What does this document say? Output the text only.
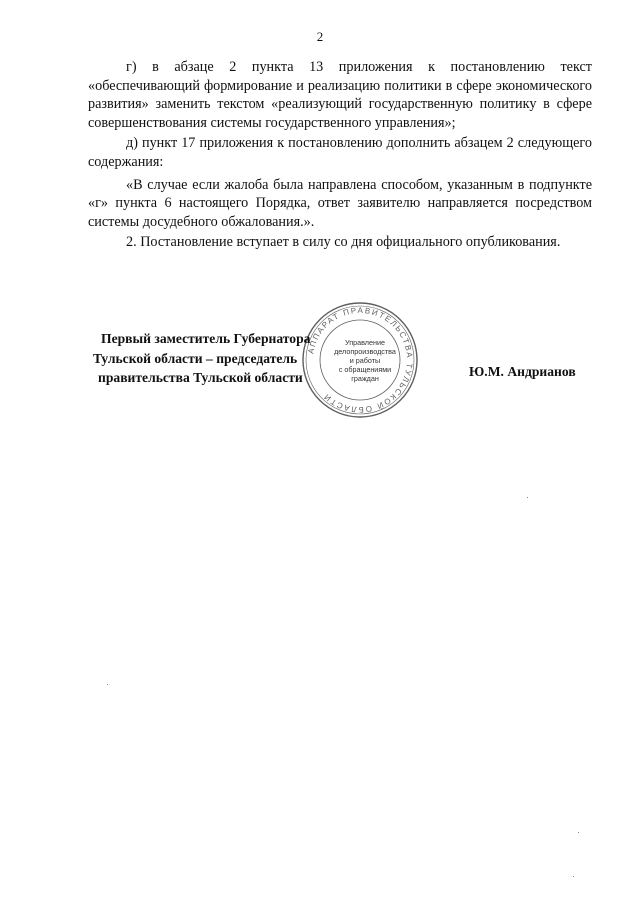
2

г) в абзаце 2 пункта 13 приложения к постановлению текст «обеспечивающий формирование и реализацию политики в сфере экономического развития» заменить текстом «реализующий государственную политику в сфере совершенствования системы государственного управления»;

д) пункт 17 приложения к постановлению дополнить абзацем 2 следующего содержания:

«В случае если жалоба была направлена способом, указанным в подпункте «г» пункта 6 настоящего Порядка, ответ заявителю направляется посредством системы досудебного обжалования.».

2. Постановление вступает в силу со дня официального опубликования.

АППАРАТ ПРАВИТЕЛЬСТВА ТУЛЬСКОЙ ОБЛАСТИ
Управление
делопроизводства
и работы
с обращениями
граждан
Первый заместитель Губернатора
Тульской области – председатель
правительства Тульской области	Ю.М. Андрианов
